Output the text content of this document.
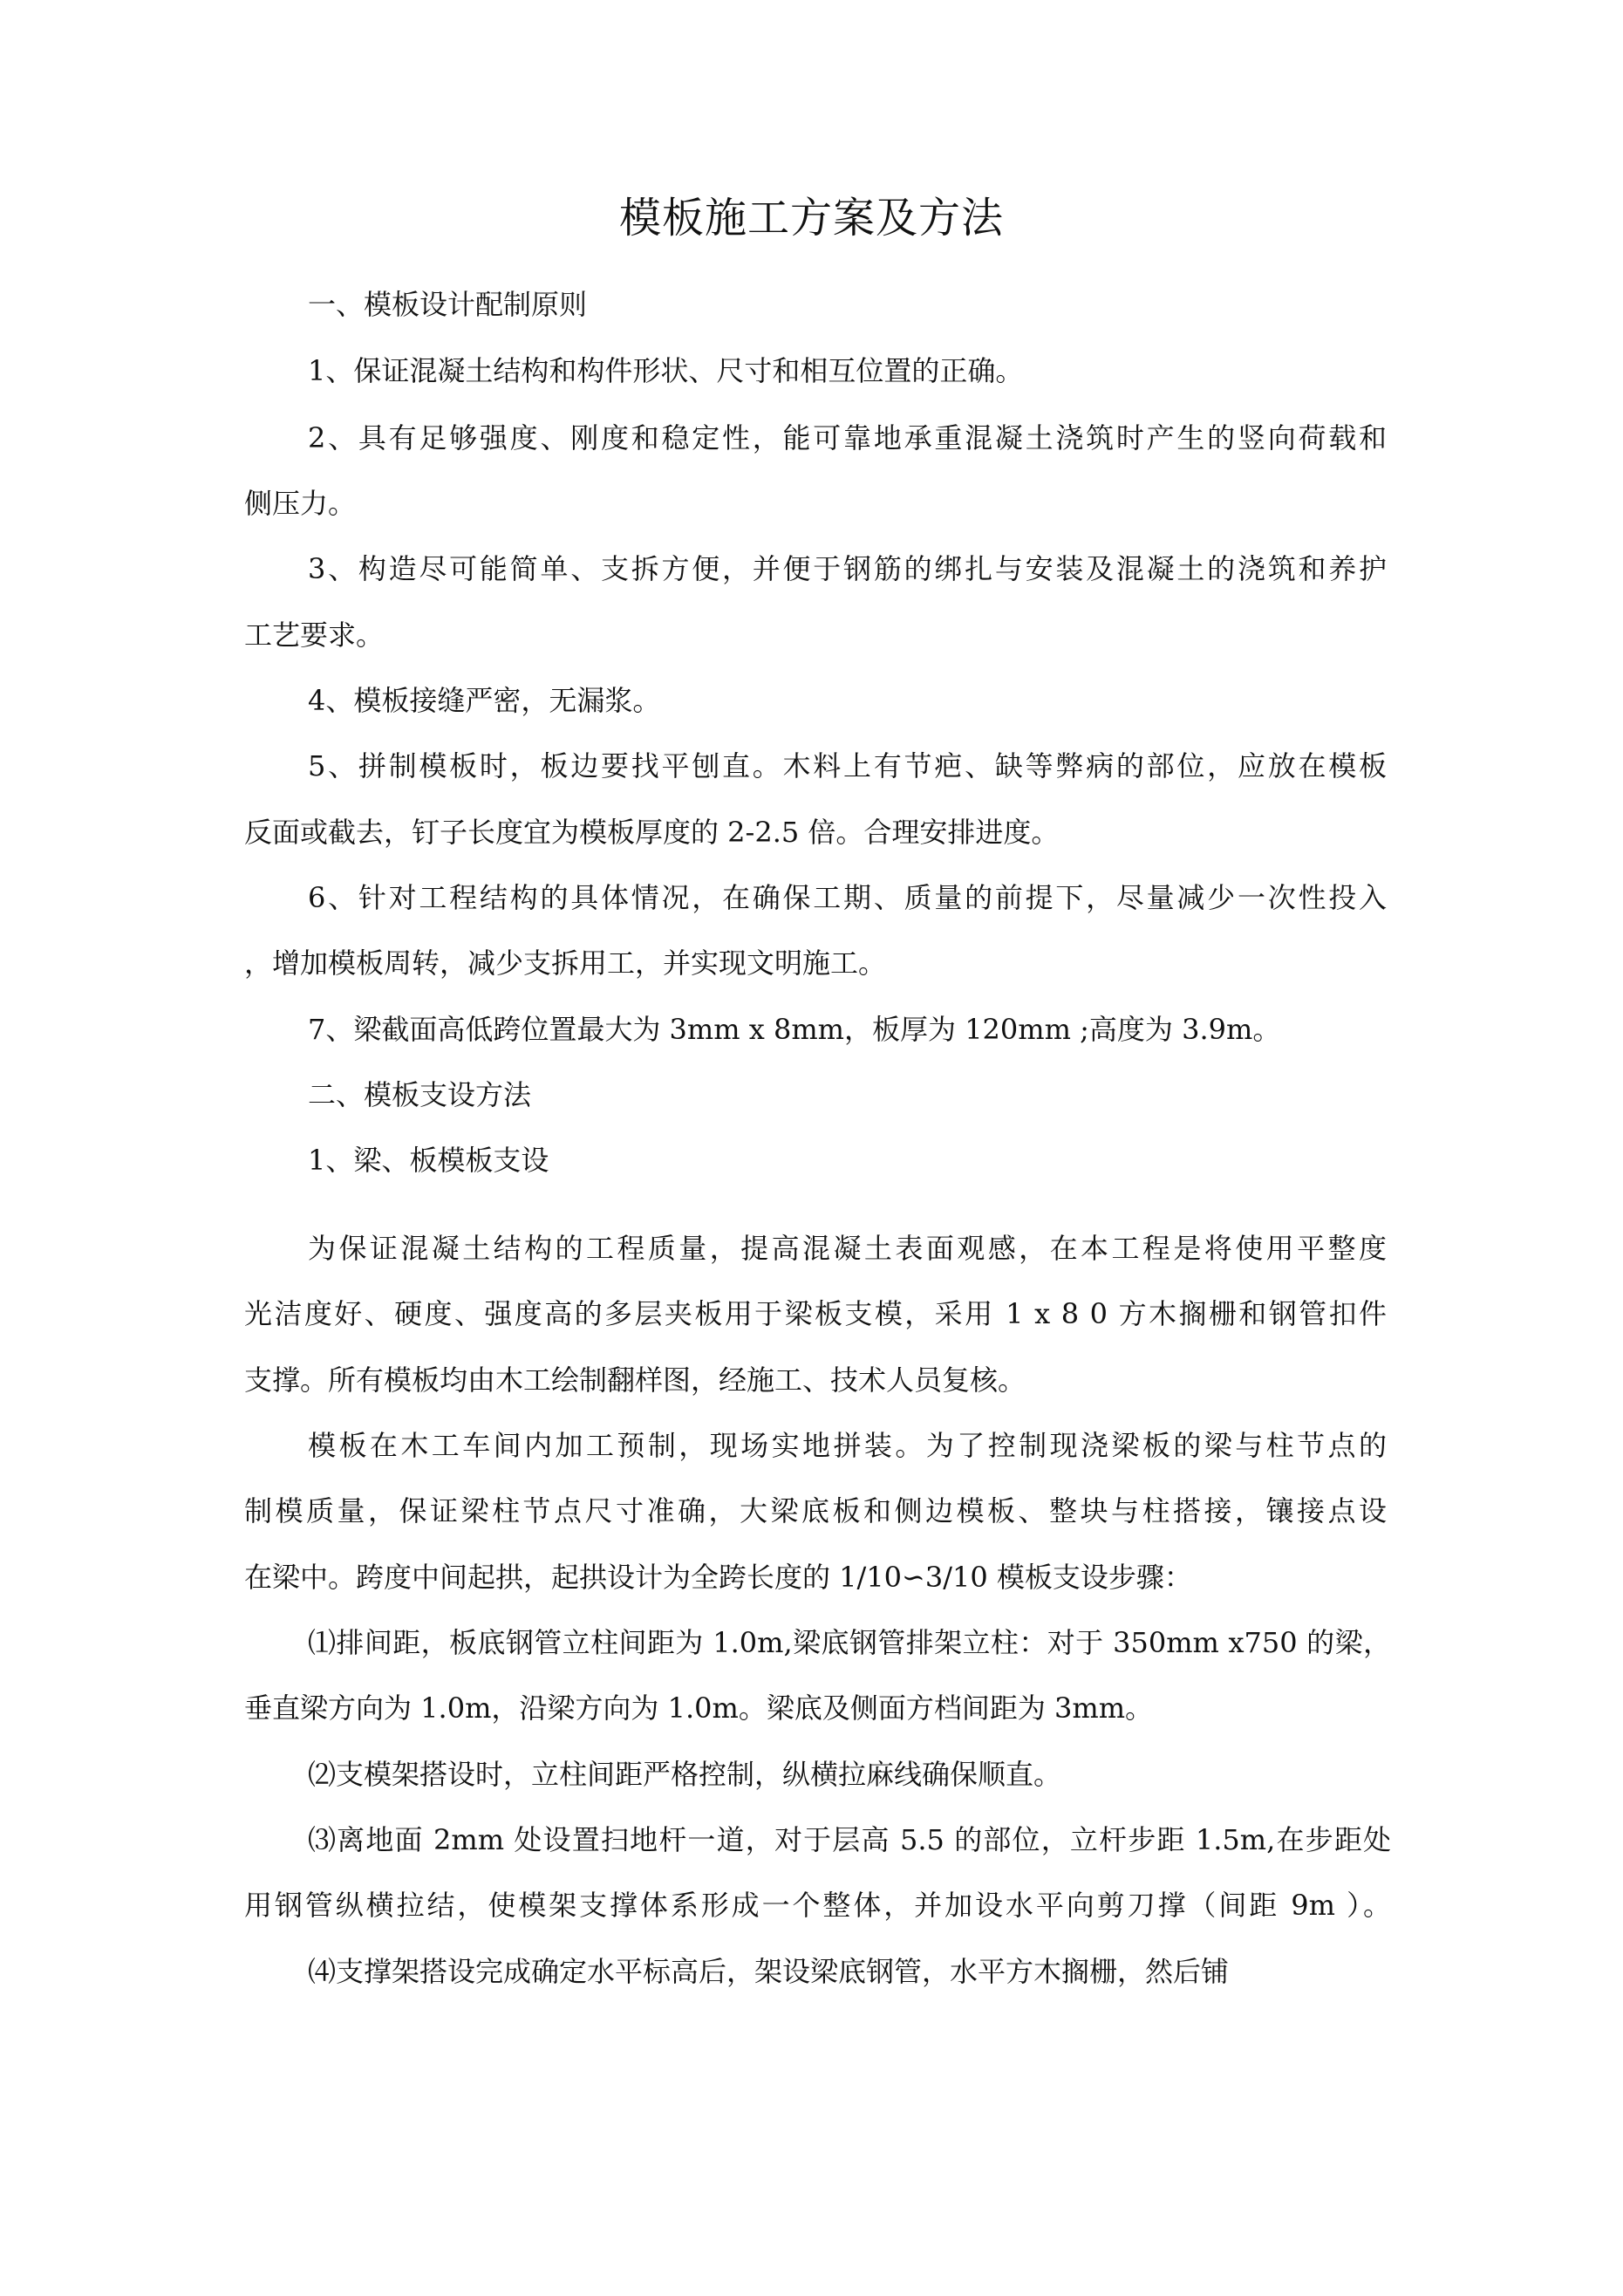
模板施工方案及方法
一、模板设计配制原则
1、保证混凝土结构和构件形状、尺寸和相互位置的正确。
2、具有足够强度、刚度和稳定性，能可靠地承重混凝土浇筑时产生的竖向荷载和
侧压力。
3、构造尽可能简单、支拆方便，并便于钢筋的绑扎与安装及混凝土的浇筑和养护
工艺要求。
4、模板接缝严密，无漏浆。
5、拼制模板时，板边要找平刨直。木料上有节疤、缺等弊病的部位，应放在模板
反面或截去，钉子长度宜为模板厚度的 2-2.5 倍。合理安排进度。
6、针对工程结构的具体情况，在确保工期、质量的前提下，尽量减少一次性投入
，增加模板周转，减少支拆用工，并实现文明施工。
7、梁截面高低跨位置最大为 3mm x 8mm，板厚为 120mm ;高度为 3.9m。
二、模板支设方法
1、梁、板模板支设
为保证混凝土结构的工程质量，提高混凝土表面观感，在本工程是将使用平整度
光洁度好、硬度、强度高的多层夹板用于梁板支模，采用 1 x 8 0 方木搁栅和钢管扣件
支撑。所有模板均由木工绘制翻样图，经施工、技术人员复核。
模板在木工车间内加工预制，现场实地拼装。为了控制现浇梁板的梁与柱节点的
制模质量，保证梁柱节点尺寸准确，大梁底板和侧边模板、整块与柱搭接，镶接点设
在梁中。跨度中间起拱，起拱设计为全跨长度的 1/10∽3/10 模板支设步骤：
⑴排间距，板底钢管立柱间距为 1.0m,梁底钢管排架立柱：对于 350mm x750 的梁，
垂直梁方向为 1.0m，沿梁方向为 1.0m。梁底及侧面方档间距为 3mm。
⑵支模架搭设时，立柱间距严格控制，纵横拉麻线确保顺直。
⑶离地面 2mm 处设置扫地杆一道，对于层高 5.5 的部位，立杆步距 1.5m,在步距处
用钢管纵横拉结，使模架支撑体系形成一个整体，并加设水平向剪刀撑（间距 9m ）。
⑷支撑架搭设完成确定水平标高后，架设梁底钢管，水平方木搁栅，然后铺
